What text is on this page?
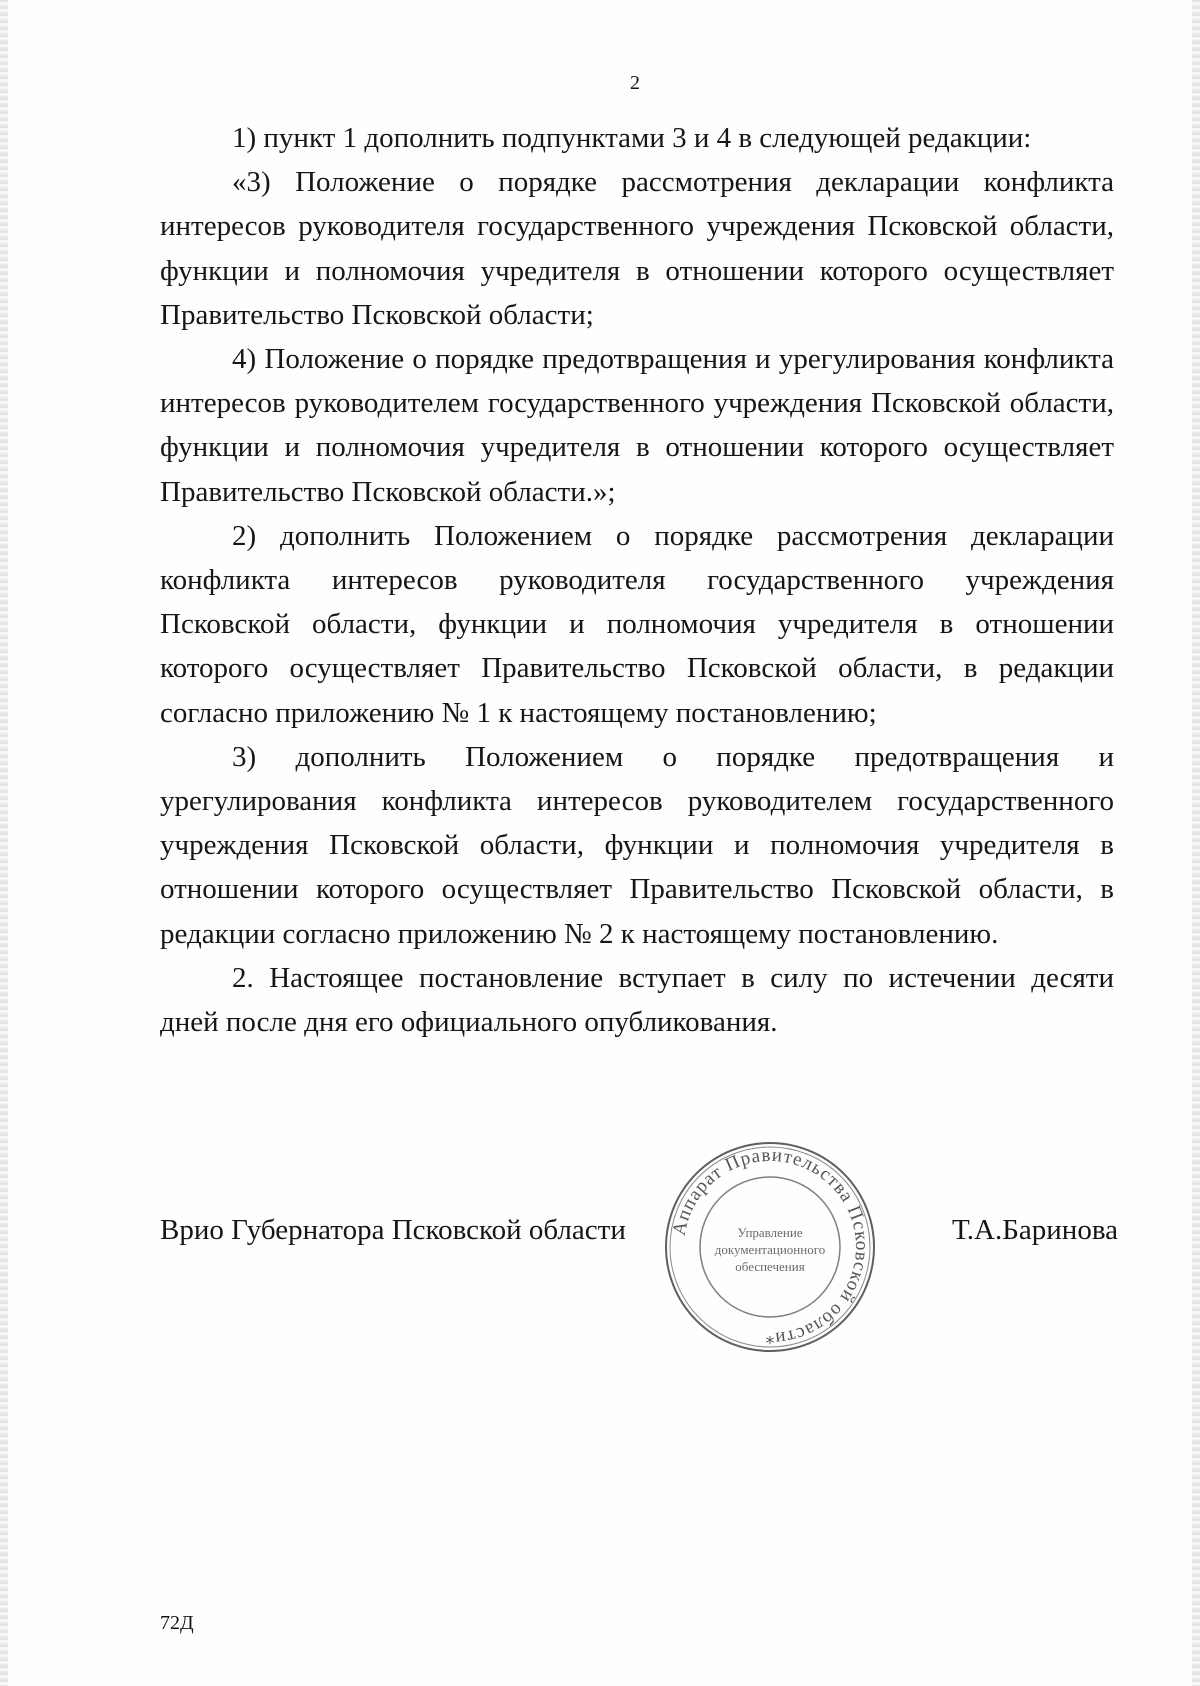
2

1) пункт 1 дополнить подпунктами 3 и 4 в следующей редакции:

«3) Положение о порядке рассмотрения декларации конфликта интересов руководителя государственного учреждения Псковской области, функции и полномочия учредителя в отношении которого осуществляет Правительство Псковской области;

4) Положение о порядке предотвращения и урегулирования конфликта интересов руководителем государственного учреждения Псковской области, функции и полномочия учредителя в отношении которого осуществляет Правительство Псковской области.»;

2) дополнить Положением о порядке рассмотрения декларации конфликта интересов руководителя государственного учреждения Псковской области, функции и полномочия учредителя в отношении которого осуществляет Правительство Псковской области, в редакции согласно приложению № 1 к настоящему постановлению;

3) дополнить Положением о порядке предотвращения и урегулирования конфликта интересов руководителем государственного учреждения Псковской области, функции и полномочия учредителя в отношении которого осуществляет Правительство Псковской области, в редакции согласно приложению № 2 к настоящему постановлению.

2. Настоящее постановление вступает в силу по истечении десяти дней после дня его официального опубликования.

Врио Губернатора Псковской области	Т.А.Баринова
Аппарат Правительства Псковской области
Управление
документационного
обеспечения
*
72Д
